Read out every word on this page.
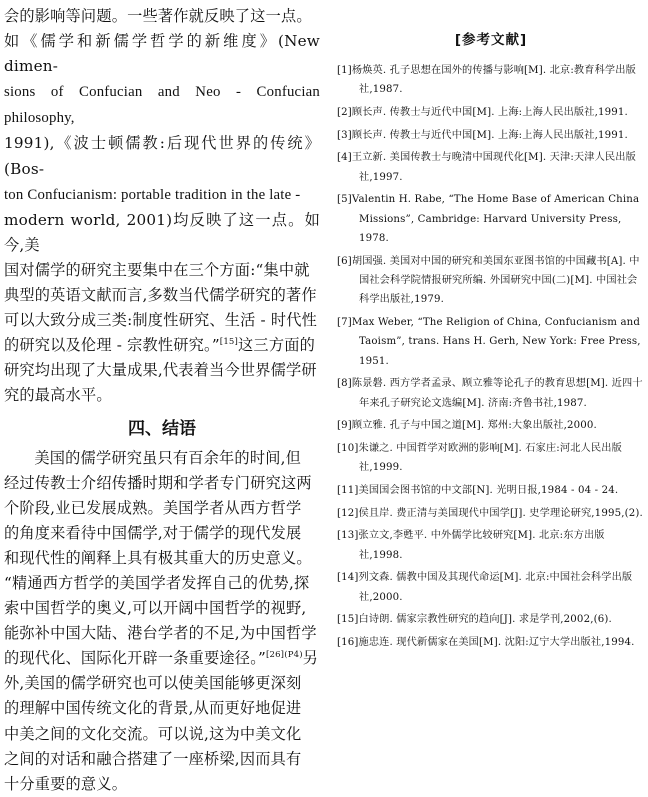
会的影响等问题。一些著作就反映了这一点。
如《儒学和新儒学哲学的新维度》(New dimen-
sions of Confucian and Neo - Confucian philosophy,
1991),《波士顿儒教:后现代世界的传统》(Bos-
ton Confucianism: portable tradition in the late -
modern world, 2001)均反映了这一点。如今,美
国对儒学的研究主要集中在三个方面:“集中就
典型的英语文献而言,多数当代儒学研究的著作
可以大致分成三类:制度性研究、生活 - 时代性
的研究以及伦理 - 宗教性研究。”[15]这三方面的
研究均出现了大量成果,代表着当今世界儒学研
究的最高水平。

四、结语

美国的儒学研究虽只有百余年的时间,但
经过传教士介绍传播时期和学者专门研究这两
个阶段,业已发展成熟。美国学者从西方哲学
的角度来看待中国儒学,对于儒学的现代发展
和现代性的阐释上具有极其重大的历史意义。
“精通西方哲学的美国学者发挥自己的优势,探
索中国哲学的奥义,可以开阔中国哲学的视野,
能弥补中国大陆、港台学者的不足,为中国哲学
的现代化、国际化开辟一条重要途径。”$^{[26](P4)}$另
外,美国的儒学研究也可以使美国能够更深刻
的理解中国传统文化的背景,从而更好地促进
中美之间的文化交流。可以说,这为中美文化
之间的对话和融合搭建了一座桥梁,因而具有
十分重要的意义。

[参考文献]
[1]杨焕英. 孔子思想在国外的传播与影响[M]. 北京:教育科学出版社,1987.
[2]顾长声. 传教士与近代中国[M]. 上海:上海人民出版社,1991.
[3]顾长声. 传教士与近代中国[M]. 上海:上海人民出版社,1991.
[4]王立新. 美国传教士与晚清中国现代化[M]. 天津:天津人民出版社,1997.
[5]Valentin H. Rabe, “The Home Base of American China Missions”, Cambridge: Harvard University Press, 1978.
[6]胡国强. 美国对中国的研究和美国东亚图书馆的中国藏书[A]. 中国社会科学院情报研究所编. 外国研究中国(二)[M]. 中国社会科学出版社,1979.
[7]Max Weber, “The Religion of China, Confucianism and Taoism”, trans. Hans H. Gerh, New York: Free Press, 1951.
[8]陈景磐. 西方学者孟录、顾立雅等论孔子的教育思想[M]. 近四十年来孔子研究论文选编[M]. 济南:齐鲁书社,1987.
[9]顾立雅. 孔子与中国之道[M]. 郑州:大象出版社,2000.
[10]朱谦之. 中国哲学对欧洲的影响[M]. 石家庄:河北人民出版社,1999.
[11]美国国会图书馆的中文部[N]. 光明日报,1984 - 04 - 24.
[12]侯且岸. 费正清与美国现代中国学[J]. 史学理论研究,1995,(2).
[13]张立文,李甦平. 中外儒学比较研究[M]. 北京:东方出版社,1998.
[14]列文森. 儒教中国及其现代命运[M]. 北京:中国社会科学出版社,2000.
[15]白诗朗. 儒家宗教性研究的趋向[J]. 求是学刊,2002,(6).
[16]施忠连. 现代新儒家在美国[M]. 沈阳:辽宁大学出版社,1994.
